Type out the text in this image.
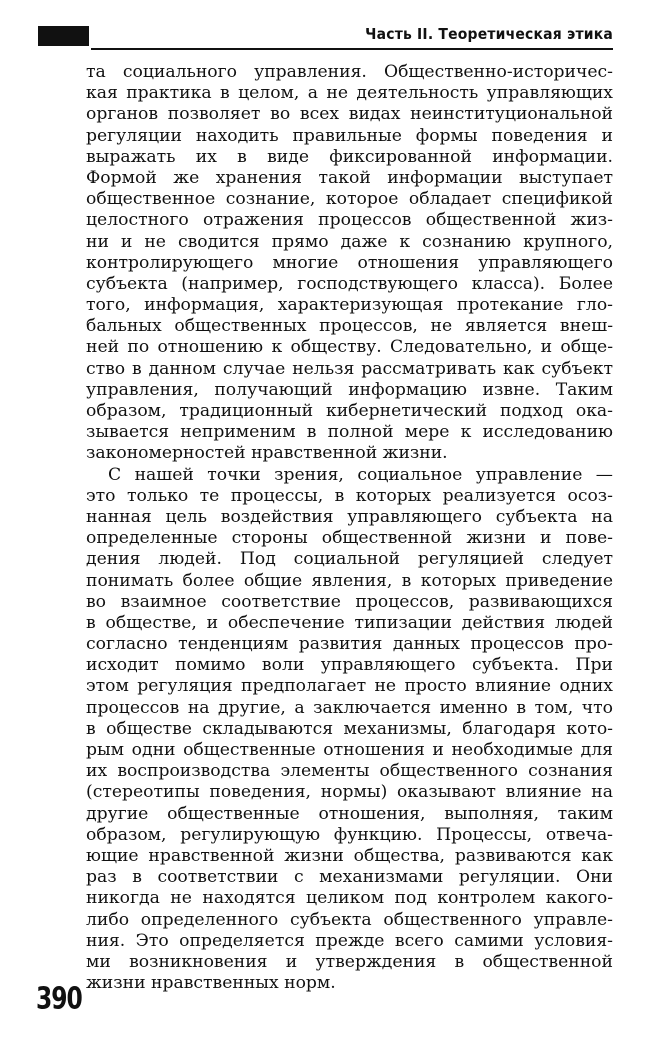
Часть II. Теоретическая этика
та социального управления. Общественно-историчес-
кая практика в целом, а не деятельность управляющих
органов позволяет во всех видах неинституциональной
регуляции находить правильные формы поведения и
выражать их в виде фиксированной информации.
Формой же хранения такой информации выступает
общественное сознание, которое обладает спецификой
целостного отражения процессов общественной жиз-
ни и не сводится прямо даже к сознанию крупного,
контролирующего многие отношения управляющего
субъекта (например, господствующего класса). Более
того, информация, характеризующая протекание гло-
бальных общественных процессов, не является внеш-
ней по отношению к обществу. Следовательно, и обще-
ство в данном случае нельзя рассматривать как субъект
управления, получающий информацию извне. Таким
образом, традиционный кибернетический подход ока-
зывается неприменим в полной мере к исследованию
закономерностей нравственной жизни.
С нашей точки зрения, социальное управление —
это только те процессы, в которых реализуется осоз-
нанная цель воздействия управляющего субъекта на
определенные стороны общественной жизни и пове-
дения людей. Под социальной регуляцией следует
понимать более общие явления, в которых приведение
во взаимное соответствие процессов, развивающихся
в обществе, и обеспечение типизации действия людей
согласно тенденциям развития данных процессов про-
исходит помимо воли управляющего субъекта. При
этом регуляция предполагает не просто влияние одних
процессов на другие, а заключается именно в том, что
в обществе складываются механизмы, благодаря кото-
рым одни общественные отношения и необходимые для
их воспроизводства элементы общественного сознания
(стереотипы поведения, нормы) оказывают влияние на
другие общественные отношения, выполняя, таким
образом, регулирующую функцию. Процессы, отвеча-
ющие нравственной жизни общества, развиваются как
раз в соответствии с механизмами регуляции. Они
никогда не находятся целиком под контролем какого-
либо определенного субъекта общественного управле-
ния. Это определяется прежде всего самими условия-
ми возникновения и утверждения в общественной
жизни нравственных норм.
390
